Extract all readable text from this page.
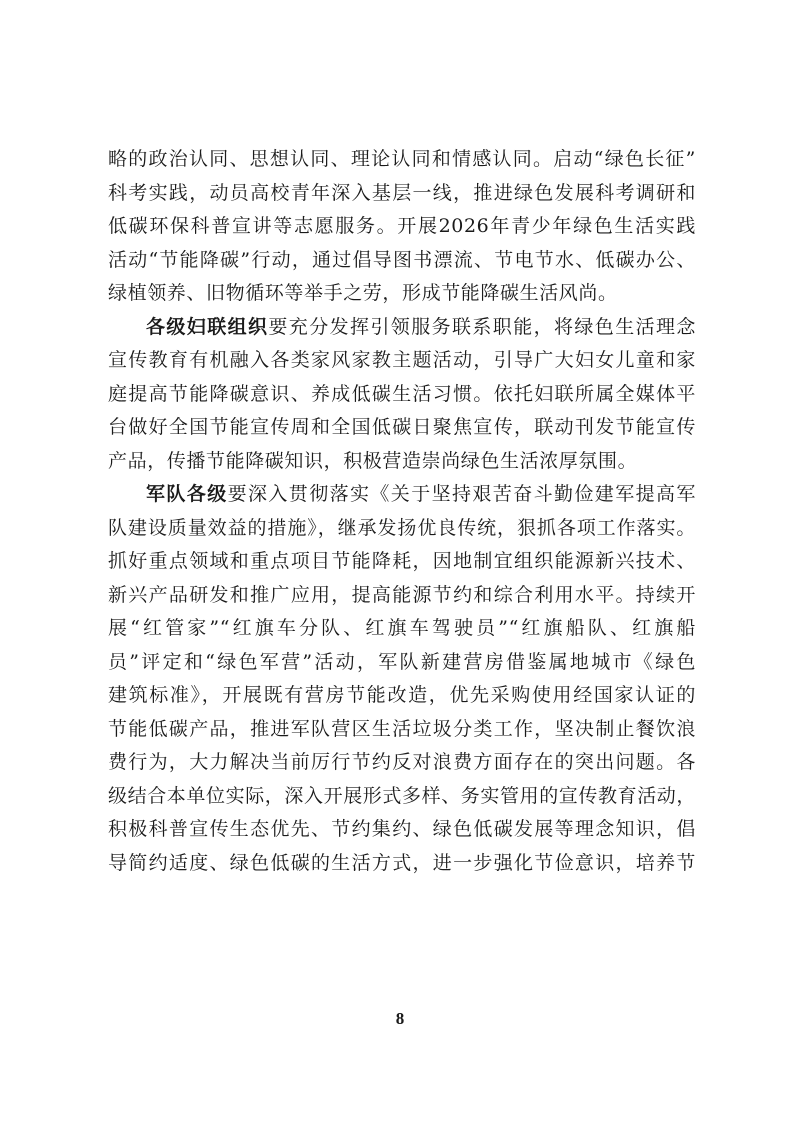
略的政治认同、思想认同、理论认同和情感认同。启动“绿色长征”
科考实践，动员高校青年深入基层一线，推进绿色发展科考调研和
低碳环保科普宣讲等志愿服务。开展2026年青少年绿色生活实践
活动“节能降碳”行动，通过倡导图书漂流、节电节水、低碳办公、
绿植领养、旧物循环等举手之劳，形成节能降碳生活风尚。
各级妇联组织要充分发挥引领服务联系职能，将绿色生活理念
宣传教育有机融入各类家风家教主题活动，引导广大妇女儿童和家
庭提高节能降碳意识、养成低碳生活习惯。依托妇联所属全媒体平
台做好全国节能宣传周和全国低碳日聚焦宣传，联动刊发节能宣传
产品，传播节能降碳知识，积极营造崇尚绿色生活浓厚氛围。
军队各级要深入贯彻落实《关于坚持艰苦奋斗勤俭建军提高军
队建设质量效益的措施》，继承发扬优良传统，狠抓各项工作落实。
抓好重点领域和重点项目节能降耗，因地制宜组织能源新兴技术、
新兴产品研发和推广应用，提高能源节约和综合利用水平。持续开
展“红管家”“红旗车分队、红旗车驾驶员”“红旗船队、红旗船
员”评定和“绿色军营”活动，军队新建营房借鉴属地城市《绿色
建筑标准》，开展既有营房节能改造，优先采购使用经国家认证的
节能低碳产品，推进军队营区生活垃圾分类工作，坚决制止餐饮浪
费行为，大力解决当前厉行节约反对浪费方面存在的突出问题。各
级结合本单位实际，深入开展形式多样、务实管用的宣传教育活动，
积极科普宣传生态优先、节约集约、绿色低碳发展等理念知识，倡
导简约适度、绿色低碳的生活方式，进一步强化节俭意识，培养节
8
